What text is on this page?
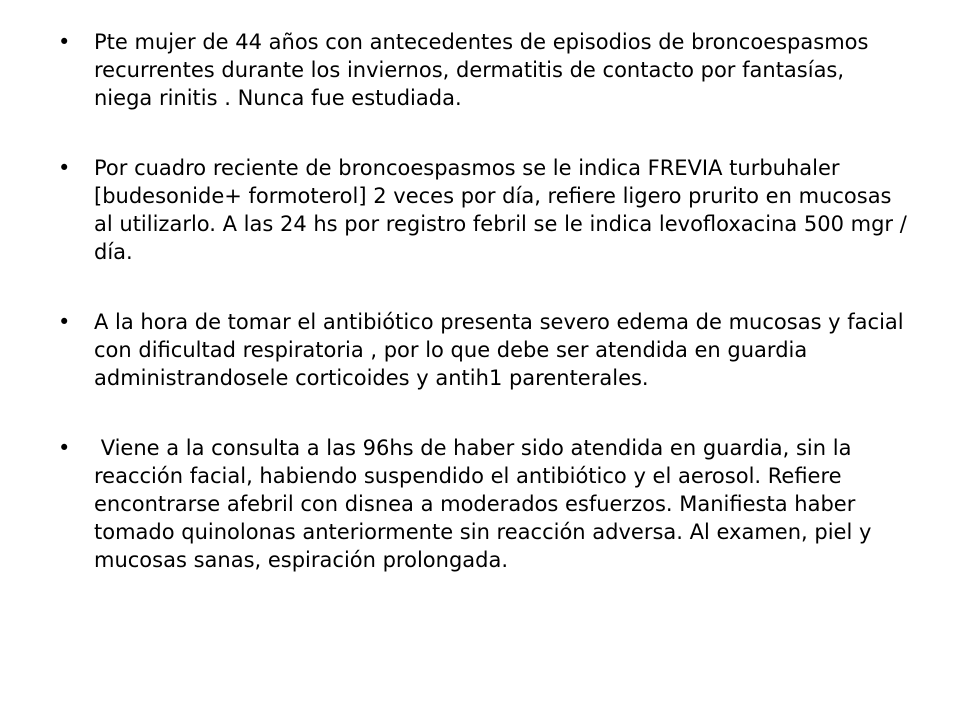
• Pte mujer de 44 años con antecedentes de episodios de broncoespasmos recurrentes durante los inviernos, dermatitis de contacto por fantasías, niega rinitis . Nunca fue estudiada.
• Por cuadro reciente de broncoespasmos se le indica FREVIA turbuhaler [budesonide+ formoterol] 2 veces por día, refiere ligero prurito en mucosas al utilizarlo. A las 24 hs por registro febril se le indica levofloxacina 500 mgr / día.
• A la hora de tomar el antibiótico presenta severo edema de mucosas y facial con dificultad respiratoria , por lo que debe ser atendida en guardia administrandosele corticoides y antih1 parenterales.
• Viene a la consulta a las 96hs de haber sido atendida en guardia, sin la reacción facial, habiendo suspendido el antibiótico y el aerosol. Refiere encontrarse afebril con disnea a moderados esfuerzos. Manifiesta haber tomado quinolonas anteriormente sin reacción adversa. Al examen, piel y mucosas sanas, espiración prolongada.
